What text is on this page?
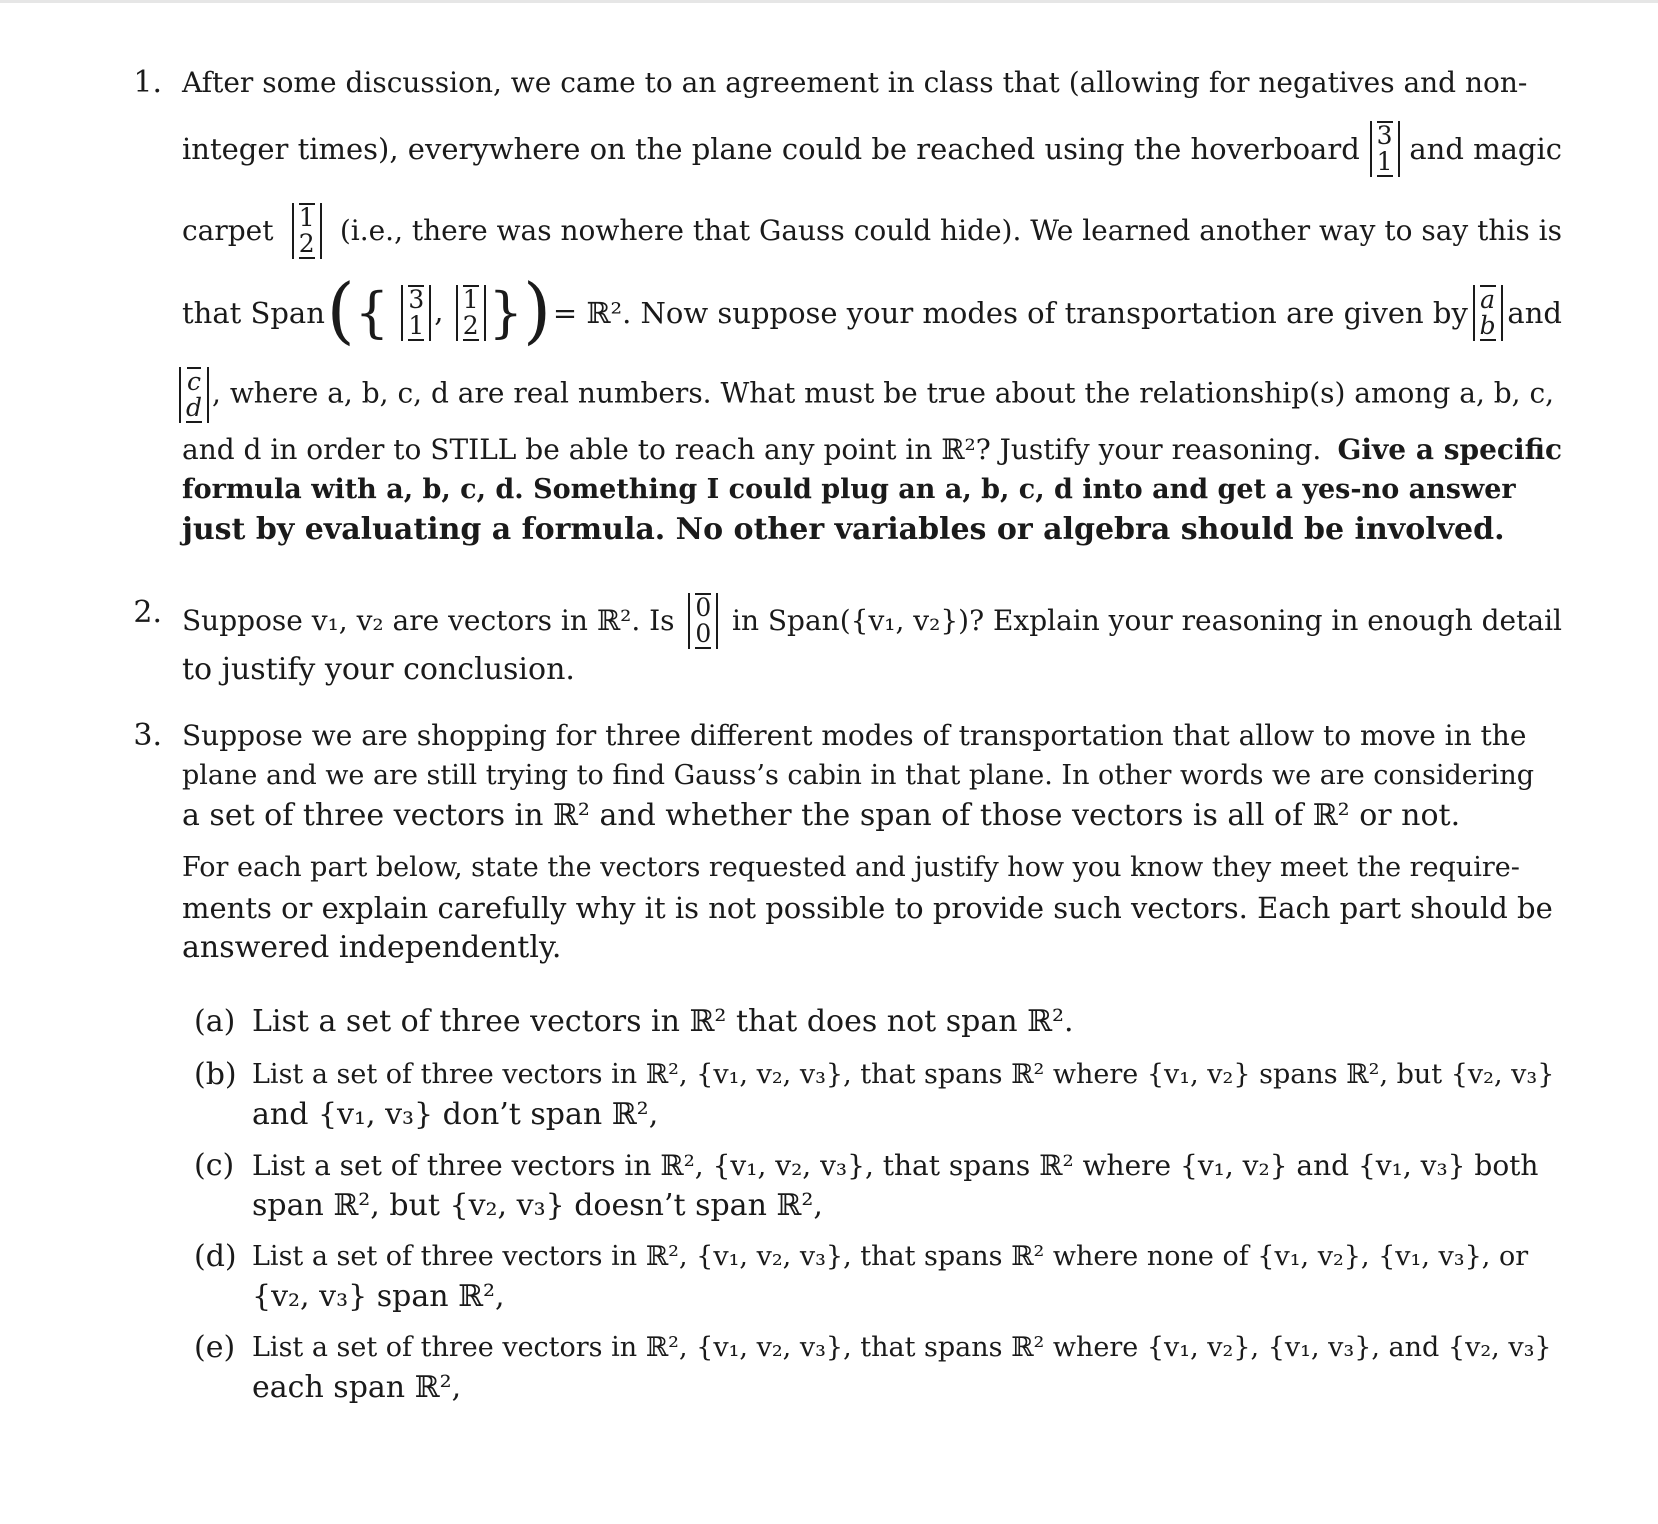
1. After some discussion, we came to an agreement in class that (allowing for negatives and non-
integer times), everywhere on the plane could be reached using the hoverboard 3
1 and magic
carpet 1
2 (i.e., there was nowhere that Gauss could hide). We learned another way to say this is
that Span ({ 3
1 , 1
2 }) = ℝ². Now suppose your modes of transportation are given by a
b and
c
d , where a, b, c, d are real numbers. What must be true about the relationship(s) among a, b, c,
and d in order to STILL be able to reach any point in ℝ²? Justify your reasoning. Give a specific
formula with a, b, c, d. Something I could plug an a, b, c, d into and get a yes-no answer
just by evaluating a formula. No other variables or algebra should be involved.
2. Suppose v₁, v₂ are vectors in ℝ². Is 0
0 in Span({v₁, v₂})? Explain your reasoning in enough detail
to justify your conclusion.
3. Suppose we are shopping for three different modes of transportation that allow to move in the
plane and we are still trying to find Gauss’s cabin in that plane. In other words we are considering
a set of three vectors in ℝ² and whether the span of those vectors is all of ℝ² or not.
For each part below, state the vectors requested and justify how you know they meet the require-
ments or explain carefully why it is not possible to provide such vectors. Each part should be
answered independently.
(a) List a set of three vectors in ℝ² that does not span ℝ².
(b) List a set of three vectors in ℝ², {v₁, v₂, v₃}, that spans ℝ² where {v₁, v₂} spans ℝ², but {v₂, v₃}
and {v₁, v₃} don’t span ℝ²,
(c) List a set of three vectors in ℝ², {v₁, v₂, v₃}, that spans ℝ² where {v₁, v₂} and {v₁, v₃} both
span ℝ², but {v₂, v₃} doesn’t span ℝ²,
(d) List a set of three vectors in ℝ², {v₁, v₂, v₃}, that spans ℝ² where none of {v₁, v₂}, {v₁, v₃}, or
{v₂, v₃} span ℝ²,
(e) List a set of three vectors in ℝ², {v₁, v₂, v₃}, that spans ℝ² where {v₁, v₂}, {v₁, v₃}, and {v₂, v₃}
each span ℝ²,
